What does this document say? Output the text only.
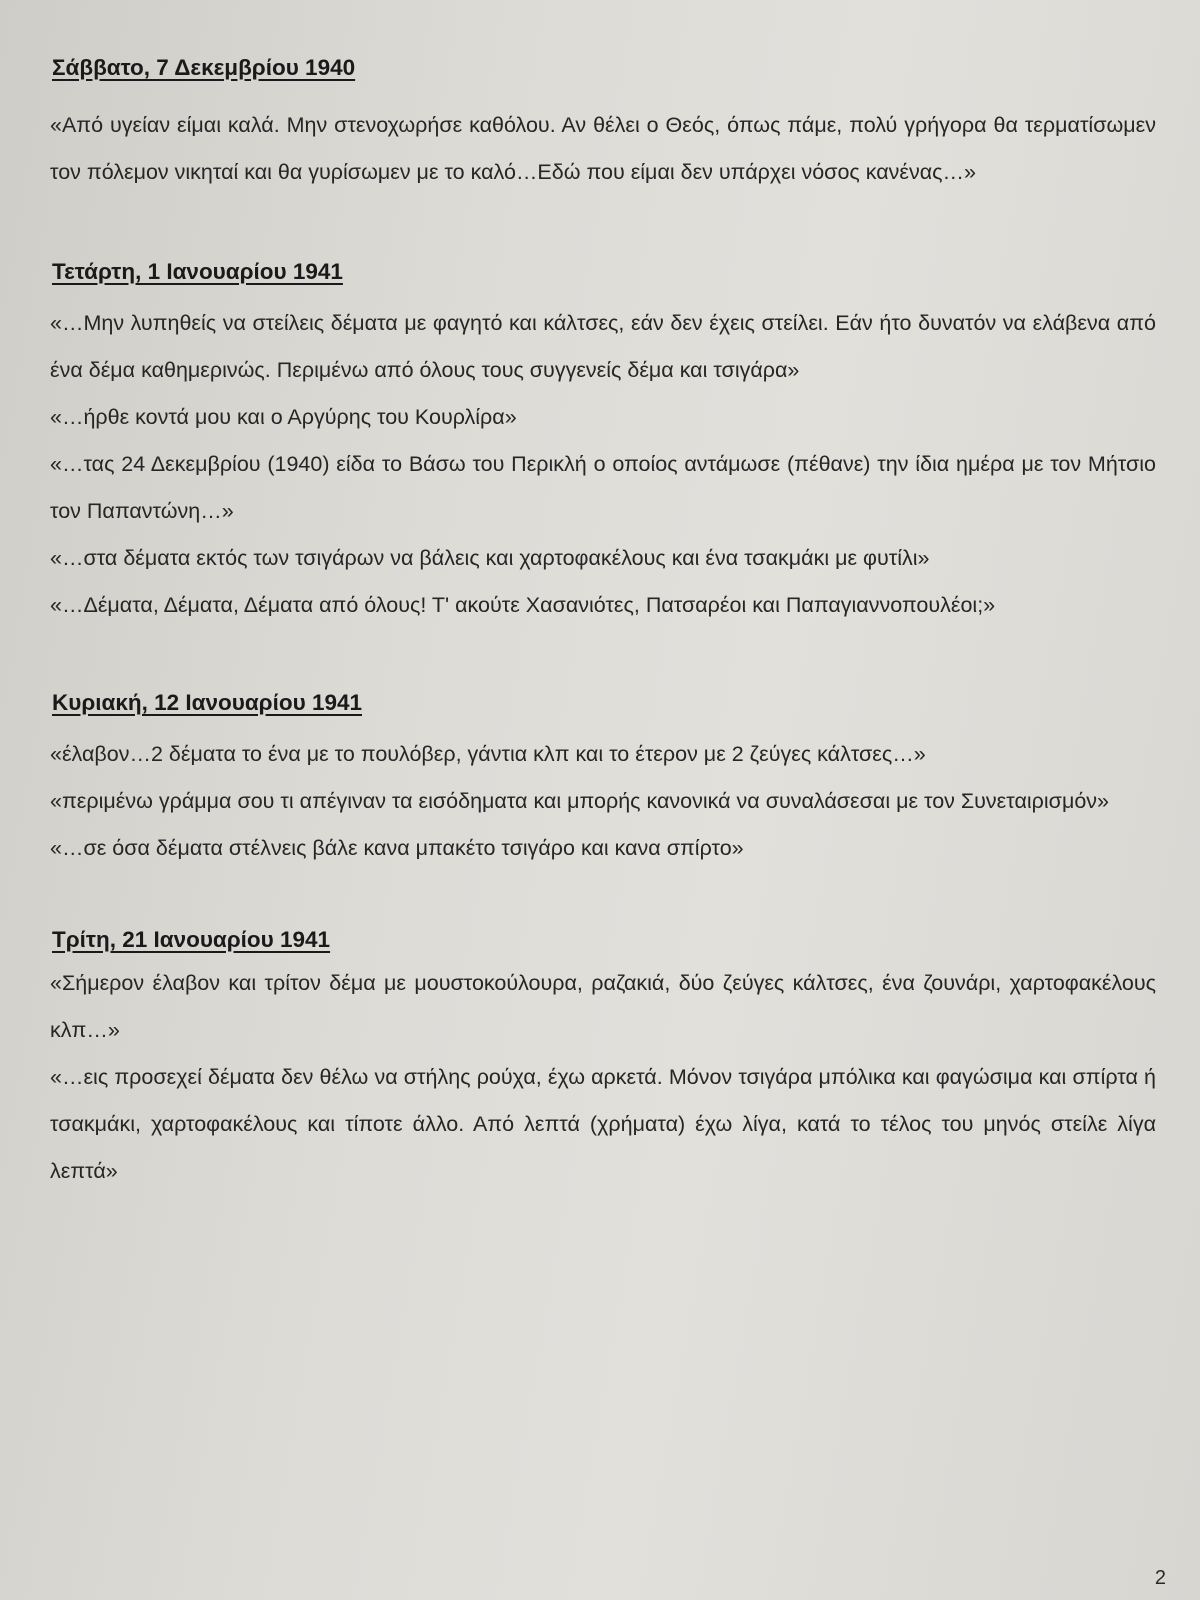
Σάββατο, 7 Δεκεμβρίου 1940

«Από υγείαν είμαι καλά. Μην στενοχωρήσε καθόλου. Αν θέλει ο Θεός, όπως πάμε, πολύ γρήγορα θα τερματίσωμεν τον πόλεμον νικηταί και θα γυρίσωμεν με το καλό…Εδώ που είμαι δεν υπάρχει νόσος κανένας…»

Τετάρτη, 1 Ιανουαρίου 1941

«…Μην λυπηθείς να στείλεις δέματα με φαγητό και κάλτσες, εάν δεν έχεις στείλει. Εάν ήτο δυνατόν να ελάβενα από ένα δέμα καθημερινώς. Περιμένω από όλους τους συγγενείς δέμα και τσιγάρα»

«…ήρθε κοντά μου και ο Αργύρης του Κουρλίρα»

«…τας 24 Δεκεμβρίου (1940) είδα το Βάσω του Περικλή ο οποίος αντάμωσε (πέθανε) την ίδια ημέρα με τον Μήτσιο τον Παπαντώνη…»

«…στα δέματα εκτός των τσιγάρων να βάλεις και χαρτοφακέλους και ένα τσακμάκι με φυτίλι»

«…Δέματα, Δέματα, Δέματα από όλους! Τ' ακούτε Χασανιότες, Πατσαρέοι και Παπαγιαννοπουλέοι;»

Κυριακή, 12 Ιανουαρίου 1941

«έλαβον…2 δέματα το ένα με το πουλόβερ, γάντια κλπ και το έτερον με 2 ζεύγες κάλτσες…»

«περιμένω γράμμα σου τι απέγιναν τα εισόδηματα και μπορής κανονικά να συναλάσεσαι με τον Συνεταιρισμόν»

«…σε όσα δέματα στέλνεις βάλε κανα μπακέτο τσιγάρο και κανα σπίρτο»

Τρίτη, 21 Ιανουαρίου 1941

«Σήμερον έλαβον και τρίτον δέμα με μουστοκούλουρα, ραζακιά, δύο ζεύγες κάλτσες, ένα ζουνάρι, χαρτοφακέλους κλπ…»

«…εις προσεχεί δέματα δεν θέλω να στήλης ρούχα, έχω αρκετά. Μόνον τσιγάρα μπόλικα και φαγώσιμα και σπίρτα ή τσακμάκι, χαρτοφακέλους και τίποτε άλλο. Από λεπτά (χρήματα) έχω λίγα, κατά το τέλος του μηνός στείλε λίγα λεπτά»

2
